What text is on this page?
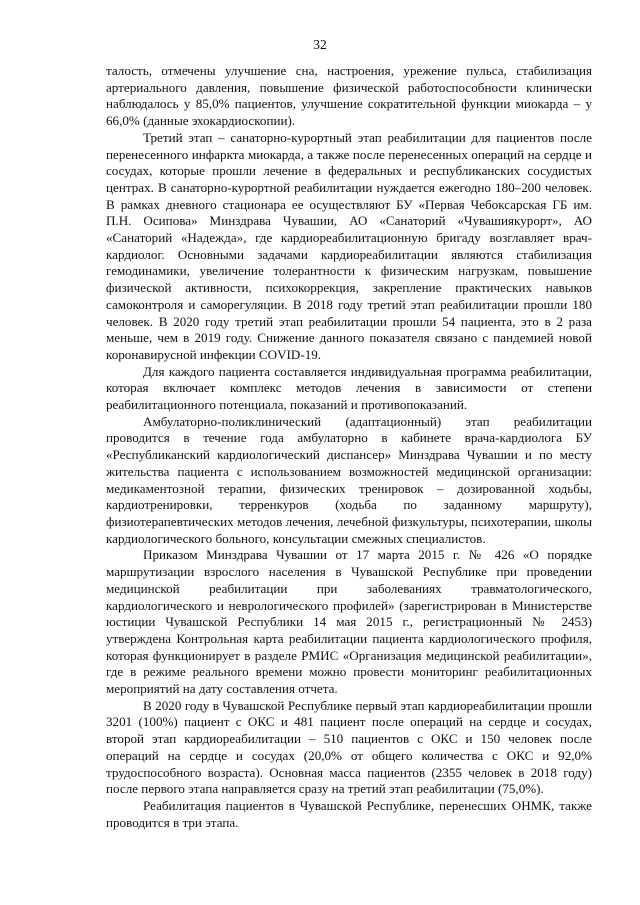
32

талость, отмечены улучшение сна, настроения, урежение пульса, стабилизация артериального давления, повышение физической работоспособности клинически наблюдалось у 85,0% пациентов, улучшение сократительной функции миокарда – у 66,0% (данные эхокардиоскопии).

Третий этап – санаторно-курортный этап реабилитации для пациентов после перенесенного инфаркта миокарда, а также после перенесенных операций на сердце и сосудах, которые прошли лечение в федеральных и республиканских сосудистых центрах. В санаторно-курортной реабилитации нуждается ежегодно 180–200 человек. В рамках дневного стационара ее осуществляют БУ «Первая Чебоксарская ГБ им. П.Н. Осипова» Минздрава Чувашии, АО «Санаторий «Чувашиякурорт», АО «Санаторий «Надежда», где кардиореабилитационную бригаду возглавляет врач-кардиолог. Основными задачами кардиореабилитации являются стабилизация гемодинамики, увеличение толерантности к физическим нагрузкам, повышение физической активности, психокоррекция, закрепление практических навыков самоконтроля и саморегуляции. В 2018 году третий этап реабилитации прошли 180 человек. В 2020 году третий этап реабилитации прошли 54 пациента, это в 2 раза меньше, чем в 2019 году. Снижение данного показателя связано с пандемией новой коронавирусной инфекции COVID-19.

Для каждого пациента составляется индивидуальная программа реабилитации, которая включает комплекс методов лечения в зависимости от степени реабилитационного потенциала, показаний и противопоказаний.

Амбулаторно-поликлинический (адаптационный) этап реабилитации проводится в течение года амбулаторно в кабинете врача-кардиолога БУ «Республиканский кардиологический диспансер» Минздрава Чувашии и по месту жительства пациента с использованием возможностей медицинской организации: медикаментозной терапии, физических тренировок – дозированной ходьбы, кардиотренировки, терренкуров (ходьба по заданному маршруту), физиотерапевтических методов лечения, лечебной физкультуры, психотерапии, школы кардиологического больного, консультации смежных специалистов.

Приказом Минздрава Чувашии от 17 марта 2015 г. № 426 «О порядке маршрутизации взрослого населения в Чувашской Республике при проведении медицинской реабилитации при заболеваниях травматологического, кардиологического и неврологического профилей» (зарегистрирован в Министерстве юстиции Чувашской Республики 14 мая 2015 г., регистрационный № 2453) утверждена Контрольная карта реабилитации пациента кардиологического профиля, которая функционирует в разделе РМИС «Организация медицинской реабилитации», где в режиме реального времени можно провести мониторинг реабилитационных мероприятий на дату составления отчета.

В 2020 году в Чувашской Республике первый этап кардиореабилитации прошли 3201 (100%) пациент с ОКС и 481 пациент после операций на сердце и сосудах, второй этап кардиореабилитации – 510 пациентов с ОКС и 150 человек после операций на сердце и сосудах (20,0% от общего количества с ОКС и 92,0% трудоспособного возраста). Основная масса пациентов (2355 человек в 2018 году) после первого этапа направляется сразу на третий этап реабилитации (75,0%).

Реабилитация пациентов в Чувашской Республике, перенесших ОНМК, также проводится в три этапа.
